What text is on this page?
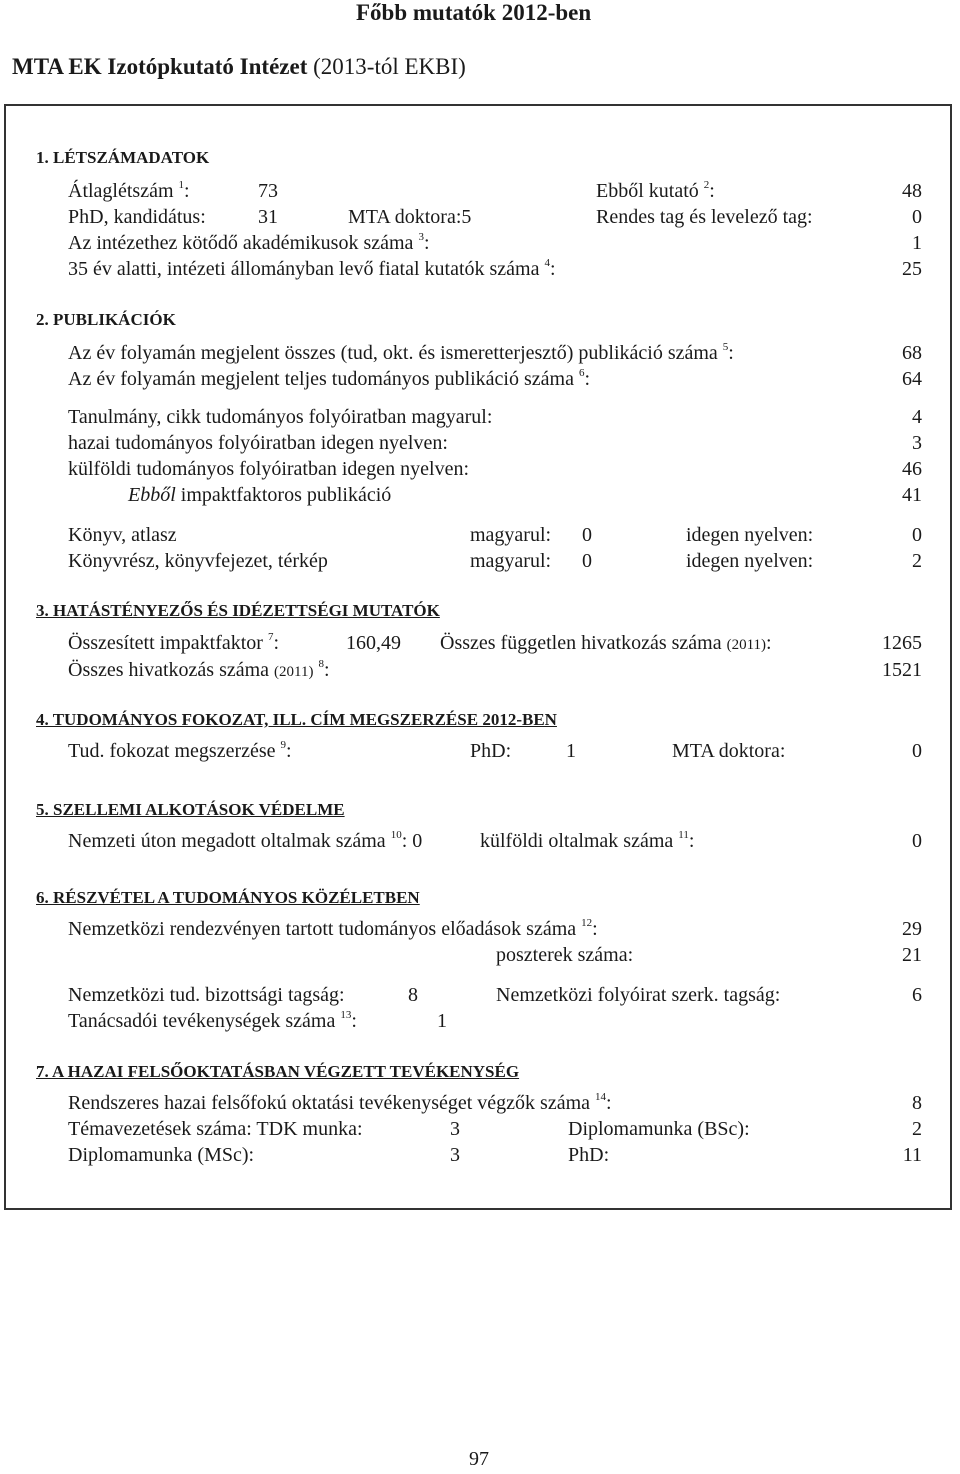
Főbb mutatók 2012-ben
MTA EK Izotópkutató Intézet (2013-tól EKBI)
1. LÉTSZÁMADATOK
Átlaglétszám $^1$:	73	Ebből kutató $^2$:	48
PhD, kandidátus:	31	MTA doktora:5	Rendes tag és levelező tag:	0
Az intézethez kötődő akadémikusok száma $^3$:	1
35 év alatti, intézeti állományban levő fiatal kutatók száma $^4$:	25
2. PUBLIKÁCIÓK
Az év folyamán megjelent összes (tud, okt. és ismeretterjesztő) publikáció száma $^5$:	68
Az év folyamán megjelent teljes tudományos publikáció száma $^6$:	64
Tanulmány, cikk tudományos folyóiratban magyarul:	4
hazai tudományos folyóiratban idegen nyelven:	3
külföldi tudományos folyóiratban idegen nyelven:	46
Ebből impaktfaktoros publikáció	41
Könyv, atlasz	magyarul: 0	idegen nyelven:	0
Könyvrész, könyvfejezet, térkép	magyarul: 0	idegen nyelven:	2
3. HATÁSTÉNYEZŐS ÉS IDÉZETTSÉGI MUTATÓK
Összesített impaktfaktor $^7$:	160,49 Összes független hivatkozás száma (2011):	1265
Összes hivatkozás száma (2011) $^8$:	1521
4. TUDOMÁNYOS FOKOZAT, ILL. CÍM MEGSZERZÉSE 2012-BEN
Tud. fokozat megszerzése $^9$:	PhD:	1	MTA doktora:	0
5. SZELLEMI ALKOTÁSOK VÉDELME
Nemzeti úton megadott oltalmak száma $^{10}$: 0	külföldi oltalmak száma $^{11}$:	0
6. RÉSZVÉTEL A TUDOMÁNYOS KÖZÉLETBEN
Nemzetközi rendezvényen tartott tudományos előadások száma $^{12}$:	29
poszterek száma:	21
Nemzetközi tud. bizottsági tagság:	8	Nemzetközi folyóirat szerk. tagság:	6
Tanácsadói tevékenységek száma $^{13}$:	1
7. A HAZAI FELSŐOKTATÁSBAN VÉGZETT TEVÉKENYSÉG
Rendszeres hazai felsőfokú oktatási tevékenységet végzők száma $^{14}$:	8
Témavezetések száma: TDK munka:	3	Diplomamunka (BSc):	2
Diplomamunka (MSc):	3	PhD:	11
97
